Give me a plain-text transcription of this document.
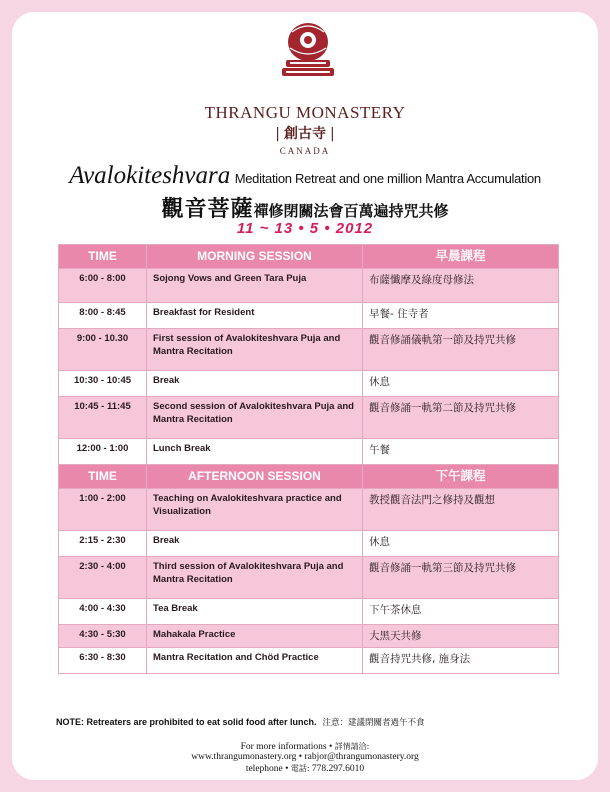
THRANGU MONASTERY
| 創古寺 |
CANADA
Avalokiteshvara Meditation Retreat and one million Mantra Accumulation
觀音菩薩禪修閉關法會百萬遍持咒共修
11 ~ 13 • 5 • 2012
TIME	MORNING SESSION	早晨課程
6:00 - 8:00	Sojong Vows and Green Tara Puja	布薩懺摩及綠度母修法
8:00 - 8:45	Breakfast for Resident	早餐- 住寺者
9:00 - 10.30	First session of Avalokiteshvara Puja and Mantra Recitation	觀音修誦儀軌第一節及持咒共修
10:30 - 10:45	Break	休息
10:45 - 11:45	Second session of Avalokiteshvara Puja and Mantra Recitation	觀音修誦一軌第二節及持咒共修
12:00 - 1:00	Lunch Break	午餐
TIME	AFTERNOON SESSION	下午課程
1:00 - 2:00	Teaching on Avalokiteshvara practice and Visualization	教授觀音法門之修持及觀想
2:15 - 2:30	Break	休息
2:30 - 4:00	Third session of Avalokiteshvara Puja and Mantra Recitation	觀音修誦一軌第三節及持咒共修
4:00 - 4:30	Tea Break	下午茶休息
4:30 - 5:30	Mahakala Practice	大黑天共修
6:30 - 8:30	Mantra Recitation and Chöd Practice	觀音持咒共修, 施身法
NOTE: Retreaters are prohibited to eat solid food after lunch. 注意：建議閉關者過午不食
For more informations • 詳情請洽:
www.thrangumonastery.org • rabjor@thrangumonastery.org
telephone • 電話: 778.297.6010
